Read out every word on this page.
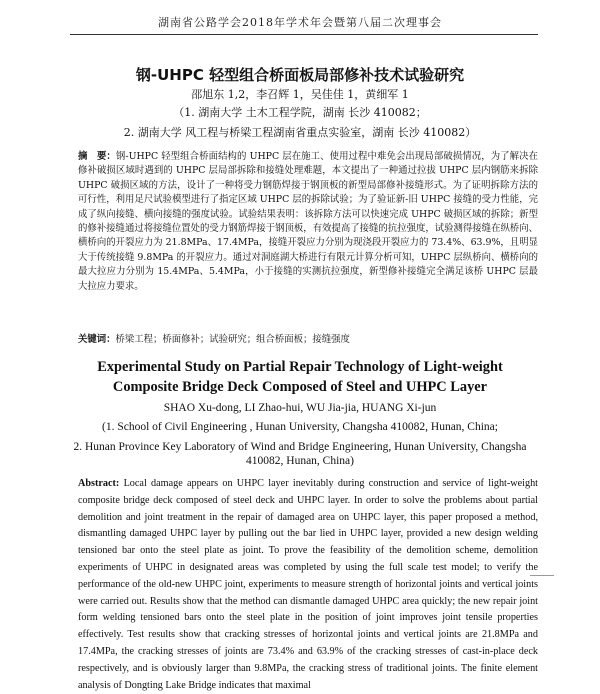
湖南省公路学会2018年学术年会暨第八届二次理事会
钢-UHPC 轻型组合桥面板局部修补技术试验研究
邵旭东 1,2，李召辉 1，吴佳佳 1，黄细军 1
（1. 湖南大学 土木工程学院，湖南 长沙 410082；
2. 湖南大学 风工程与桥梁工程湖南省重点实验室，湖南 长沙 410082）

摘　要：钢-UHPC 轻型组合桥面结构的 UHPC 层在施工、使用过程中难免会出现局部破损情况，为了解决在修补破损区域时遇到的 UHPC 层局部拆除和接缝处理难题，本文提出了一种通过拉拔 UHPC 层内钢筋来拆除 UHPC 破损区域的方法，设计了一种将受力钢筋焊接于钢顶板的新型局部修补接缝形式。为了证明拆除方法的可行性，利用足尺试验模型进行了指定区域 UHPC 层的拆除试验；为了验证新-旧 UHPC 接缝的受力性能，完成了纵向接缝、横向接缝的强度试验。试验结果表明：该拆除方法可以快速完成 UHPC 破损区域的拆除；新型的修补接缝通过将接缝位置处的受力钢筋焊接于钢顶板，有效提高了接缝的抗拉强度，试验测得接缝在纵桥向、横桥向的开裂应力为 21.8MPa、17.4MPa，接缝开裂应力分别为现浇段开裂应力的 73.4%、63.9%，且明显大于传统接缝 9.8MPa 的开裂应力。通过对洞庭湖大桥进行有限元计算分析可知，UHPC 层纵桥向、横桥向的最大拉应力分别为 15.4MPa、5.4MPa，小于接缝的实测抗拉强度，新型修补接缝完全满足该桥 UHPC 层最大拉应力要求。

关键词：桥梁工程；桥面修补；试验研究；组合桥面板；接缝强度
Experimental Study on Partial Repair Technology of Light-weight
Composite Bridge Deck Composed of Steel and UHPC Layer
SHAO Xu-dong, LI Zhao-hui, WU Jia-jia, HUANG Xi-jun
(1. School of Civil Engineering , Hunan University, Changsha 410082, Hunan, China;
2. Hunan Province Key Laboratory of Wind and Bridge Engineering, Hunan University, Changsha 410082, Hunan, China)

Abstract: Local damage appears on UHPC layer inevitably during construction and service of light-weight composite bridge deck composed of steel deck and UHPC layer. In order to solve the problems about partial demolition and joint treatment in the repair of damaged area on UHPC layer, this paper proposed a method, dismantling damaged UHPC layer by pulling out the bar lied in UHPC layer, provided a new design welding tensioned bar onto the steel plate as joint. To prove the feasibility of the demolition scheme, demolition experiments of UHPC in designated areas was completed by using the full scale test model; to verify the performance of the old-new UHPC joint, experiments to measure strength of horizontal joints and vertical joints were carried out. Results show that the method can dismantle damaged UHPC area quickly; the new repair joint form welding tensioned bars onto the steel plate in the position of joint improves joint tensile properties effectively. Test results show that cracking stresses of horizontal joints and vertical joints are 21.8MPa and 17.4MPa, the cracking stresses of joints are 73.4% and 63.9% of the cracking stresses of cast-in-place deck respectively, and is obviously larger than 9.8MPa, the cracking stress of traditional joints. The finite element analysis of Dongting Lake Bridge indicates that maximal
